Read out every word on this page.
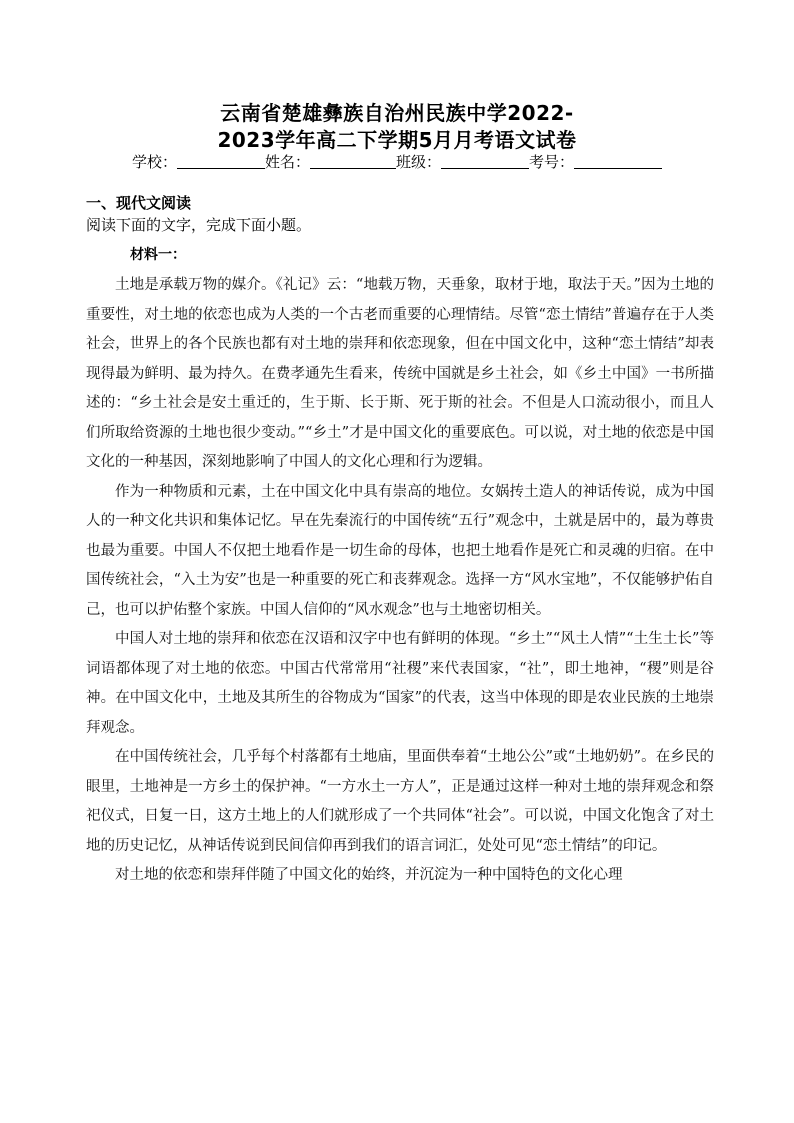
云南省楚雄彝族自治州民族中学2022-
2023学年高二下学期5月月考语文试卷
学校：	姓名：	班级：	考号：
一、现代文阅读
阅读下面的文字，完成下面小题。
材料一：

土地是承载万物的媒介。《礼记》云：“地载万物，天垂象，取材于地，取法于天。”因为土地的重要性，对土地的依恋也成为人类的一个古老而重要的心理情结。尽管“恋土情结”普遍存在于人类社会，世界上的各个民族也都有对土地的崇拜和依恋现象，但在中国文化中，这种“恋土情结”却表现得最为鲜明、最为持久。在费孝通先生看来，传统中国就是乡土社会，如《乡土中国》一书所描述的：“乡土社会是安土重迁的，生于斯、长于斯、死于斯的社会。不但是人口流动很小，而且人们所取给资源的土地也很少变动。”“乡土”才是中国文化的重要底色。可以说，对土地的依恋是中国文化的一种基因，深刻地影响了中国人的文化心理和行为逻辑。

作为一种物质和元素，土在中国文化中具有崇高的地位。女娲抟土造人的神话传说，成为中国人的一种文化共识和集体记忆。早在先秦流行的中国传统“五行”观念中，土就是居中的，最为尊贵也最为重要。中国人不仅把土地看作是一切生命的母体，也把土地看作是死亡和灵魂的归宿。在中国传统社会，“入土为安”也是一种重要的死亡和丧葬观念。选择一方“风水宝地”，不仅能够护佑自己，也可以护佑整个家族。中国人信仰的“风水观念”也与土地密切相关。

中国人对土地的崇拜和依恋在汉语和汉字中也有鲜明的体现。“乡土”“风土人情”“土生土长”等词语都体现了对土地的依恋。中国古代常常用“社稷”来代表国家，“社”，即土地神，“稷”则是谷神。在中国文化中，土地及其所生的谷物成为“国家”的代表，这当中体现的即是农业民族的土地崇拜观念。

在中国传统社会，几乎每个村落都有土地庙，里面供奉着“土地公公”或“土地奶奶”。在乡民的眼里，土地神是一方乡土的保护神。“一方水土一方人”，正是通过这样一种对土地的崇拜观念和祭祀仪式，日复一日，这方土地上的人们就形成了一个共同体“社会”。可以说，中国文化饱含了对土地的历史记忆，从神话传说到民间信仰再到我们的语言词汇，处处可见“恋土情结”的印记。

对土地的依恋和崇拜伴随了中国文化的始终，并沉淀为一种中国特色的文化心理
